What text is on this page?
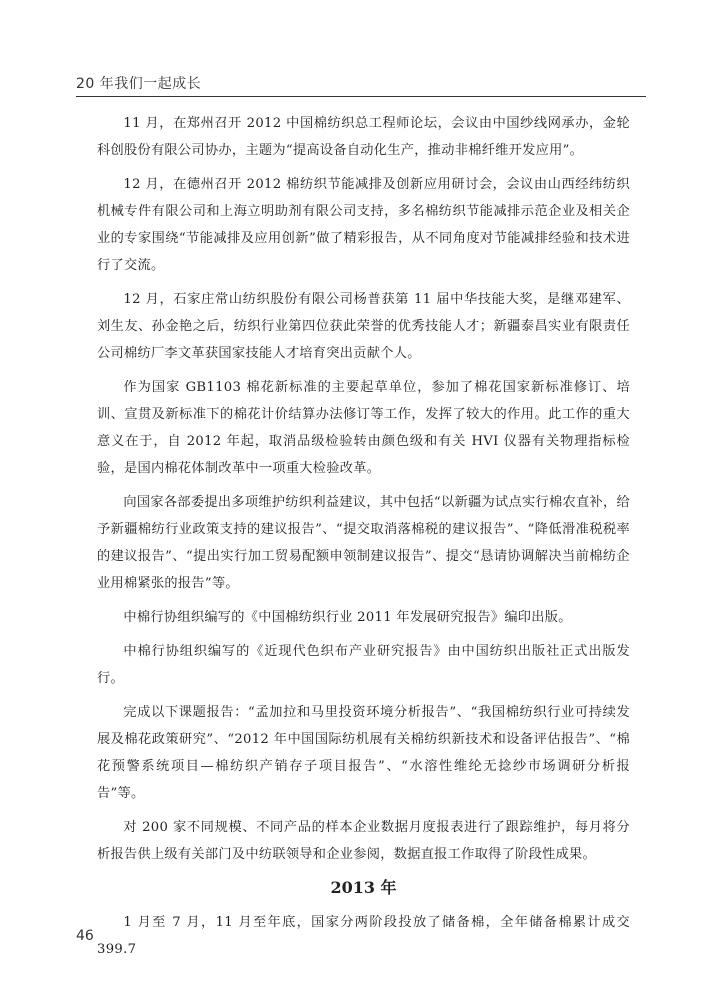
20 年我们一起成长

11 月，在郑州召开 2012 中国棉纺织总工程师论坛，会议由中国纱线网承办，金轮科创股份有限公司协办，主题为“提高设备自动化生产，推动非棉纤维开发应用”。

12 月，在德州召开 2012 棉纺织节能减排及创新应用研讨会，会议由山西经纬纺织机械专件有限公司和上海立明助剂有限公司支持，多名棉纺织节能减排示范企业及相关企业的专家围绕“节能减排及应用创新”做了精彩报告，从不同角度对节能减排经验和技术进行了交流。

12 月，石家庄常山纺织股份有限公司杨普获第 11 届中华技能大奖，是继邓建军、刘生友、孙金艳之后，纺织行业第四位获此荣誉的优秀技能人才；新疆泰昌实业有限责任公司棉纺厂李文革获国家技能人才培育突出贡献个人。

作为国家 GB1103 棉花新标准的主要起草单位，参加了棉花国家新标准修订、培训、宣贯及新标准下的棉花计价结算办法修订等工作，发挥了较大的作用。此工作的重大意义在于，自 2012 年起，取消品级检验转由颜色级和有关 HVI 仪器有关物理指标检验，是国内棉花体制改革中一项重大检验改革。

向国家各部委提出多项维护纺织利益建议，其中包括“以新疆为试点实行棉农直补，给予新疆棉纺行业政策支持的建议报告”、“提交取消落棉税的建议报告”、“降低滑准税税率的建议报告”、“提出实行加工贸易配额申领制建议报告”、提交“恳请协调解决当前棉纺企业用棉紧张的报告”等。

中棉行协组织编写的《中国棉纺织行业 2011 年发展研究报告》编印出版。

中棉行协组织编写的《近现代色织布产业研究报告》由中国纺织出版社正式出版发行。

完成以下课题报告：“孟加拉和马里投资环境分析报告”、“我国棉纺织行业可持续发展及棉花政策研究”、“2012 年中国国际纺机展有关棉纺织新技术和设备评估报告”、“棉花预警系统项目—棉纺织产销存子项目报告”、“水溶性维纶无捻纱市场调研分析报告”等。

对 200 家不同规模、不同产品的样本企业数据月度报表进行了跟踪维护，每月将分析报告供上级有关部门及中纺联领导和企业参阅，数据直报工作取得了阶段性成果。

2013 年

1 月至 7 月，11 月至年底，国家分两阶段投放了储备棉，全年储备棉累计成交 399.7

46
